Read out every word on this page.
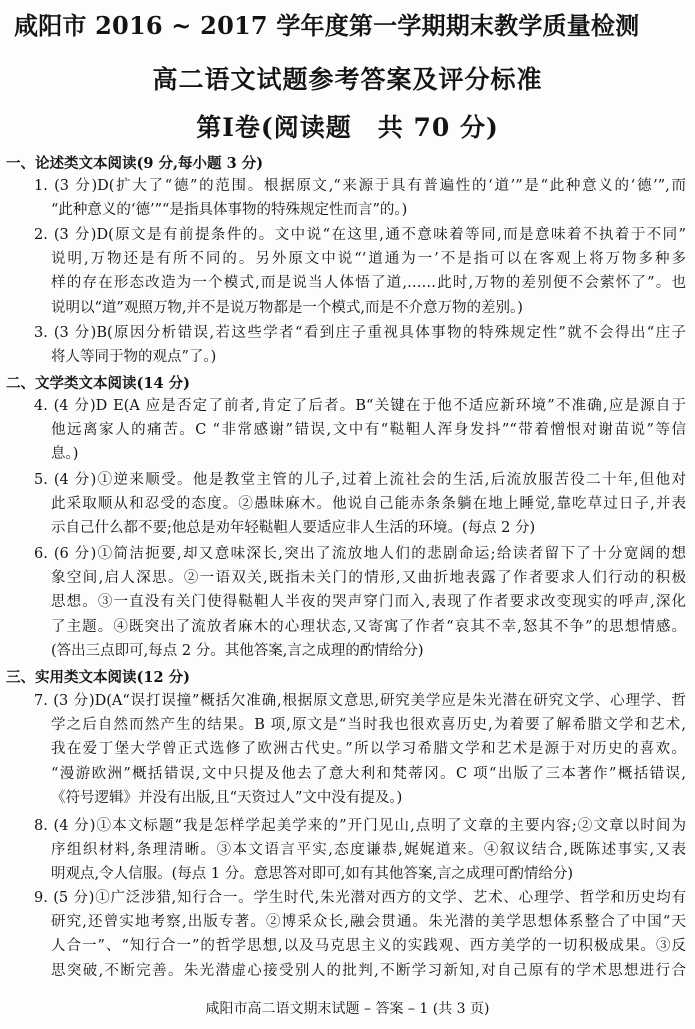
咸阳市 2016 ~ 2017 学年度第一学期期末教学质量检测
高二语文试题参考答案及评分标准
第Ⅰ卷(阅读题　共 70 分)
一、论述类文本阅读(9 分,每小题 3 分)
1. (3 分)D(扩大了“德”的范围。根据原文,“来源于具有普遍性的‘道’”是“此种意义的‘德’”,而
“此种意义的‘德’”“是指具体事物的特殊规定性而言”的。)
2. (3 分)D(原文是有前提条件的。文中说“在这里,通不意味着等同,而是意味着不执着于不同”
说明,万物还是有所不同的。另外原文中说“‘道通为一’不是指可以在客观上将万物多种多
样的存在形态改造为一个模式,而是说当人体悟了道,……此时,万物的差别便不会萦怀了”。也
说明以“道”观照万物,并不是说万物都是一个模式,而是不介意万物的差别。)
3. (3 分)B(原因分析错误,若这些学者“看到庄子重视具体事物的特殊规定性”就不会得出“庄子
将人等同于物的观点”了。)
二、文学类文本阅读(14 分)
4. (4 分)D E(A 应是否定了前者,肯定了后者。B“关键在于他不适应新环境”不准确,应是源自于
他远离家人的痛苦。C “非常感谢”错误,文中有“鞑靼人浑身发抖”“带着憎恨对谢苗说”等信
息。)
5. (4 分)①逆来顺受。他是教堂主管的儿子,过着上流社会的生活,后流放服苦役二十年,但他对
此采取顺从和忍受的态度。②愚昧麻木。他说自己能赤条条躺在地上睡觉,靠吃草过日子,并表
示自己什么都不要;他总是劝年轻鞑靼人要适应非人生活的环境。(每点 2 分)
6. (6 分)①简洁扼要,却又意味深长,突出了流放地人们的悲剧命运;给读者留下了十分宽阔的想
象空间,启人深思。②一语双关,既指未关门的情形,又曲折地表露了作者要求人们行动的积极
思想。③一直没有关门使得鞑靼人半夜的哭声穿门而入,表现了作者要求改变现实的呼声,深化
了主题。④既突出了流放者麻木的心理状态,又寄寓了作者“哀其不幸,怒其不争”的思想情感。
(答出三点即可,每点 2 分。其他答案,言之成理的酌情给分)
三、实用类文本阅读(12 分)
7. (3 分)D(A“误打误撞”概括欠准确,根据原文意思,研究美学应是朱光潜在研究文学、心理学、哲
学之后自然而然产生的结果。B 项,原文是“当时我也很欢喜历史,为着要了解希腊文学和艺术,
我在爱丁堡大学曾正式选修了欧洲古代史。”所以学习希腊文学和艺术是源于对历史的喜欢。
“漫游欧洲”概括错误,文中只提及他去了意大利和梵蒂冈。C 项“出版了三本著作”概括错误,
《符号逻辑》并没有出版,且“天资过人”文中没有提及。)
8. (4 分)①本文标题“我是怎样学起美学来的”开门见山,点明了文章的主要内容;②文章以时间为
序组织材料,条理清晰。③本文语言平实,态度谦恭,娓娓道来。④叙议结合,既陈述事实,又表
明观点,令人信服。(每点 1 分。意思答对即可,如有其他答案,言之成理可酌情给分)
9. (5 分)①广泛涉猎,知行合一。学生时代,朱光潜对西方的文学、艺术、心理学、哲学和历史均有
研究,还曾实地考察,出版专著。②博采众长,融会贯通。朱光潜的美学思想体系整合了中国“天
人合一”、“知行合一”的哲学思想,以及马克思主义的实践观、西方美学的一切积极成果。③反
思突破,不断完善。朱光潜虚心接受别人的批判,不断学习新知,对自己原有的学术思想进行合
咸阳市高二语文期末试题 – 答案 – 1 (共 3 页)
